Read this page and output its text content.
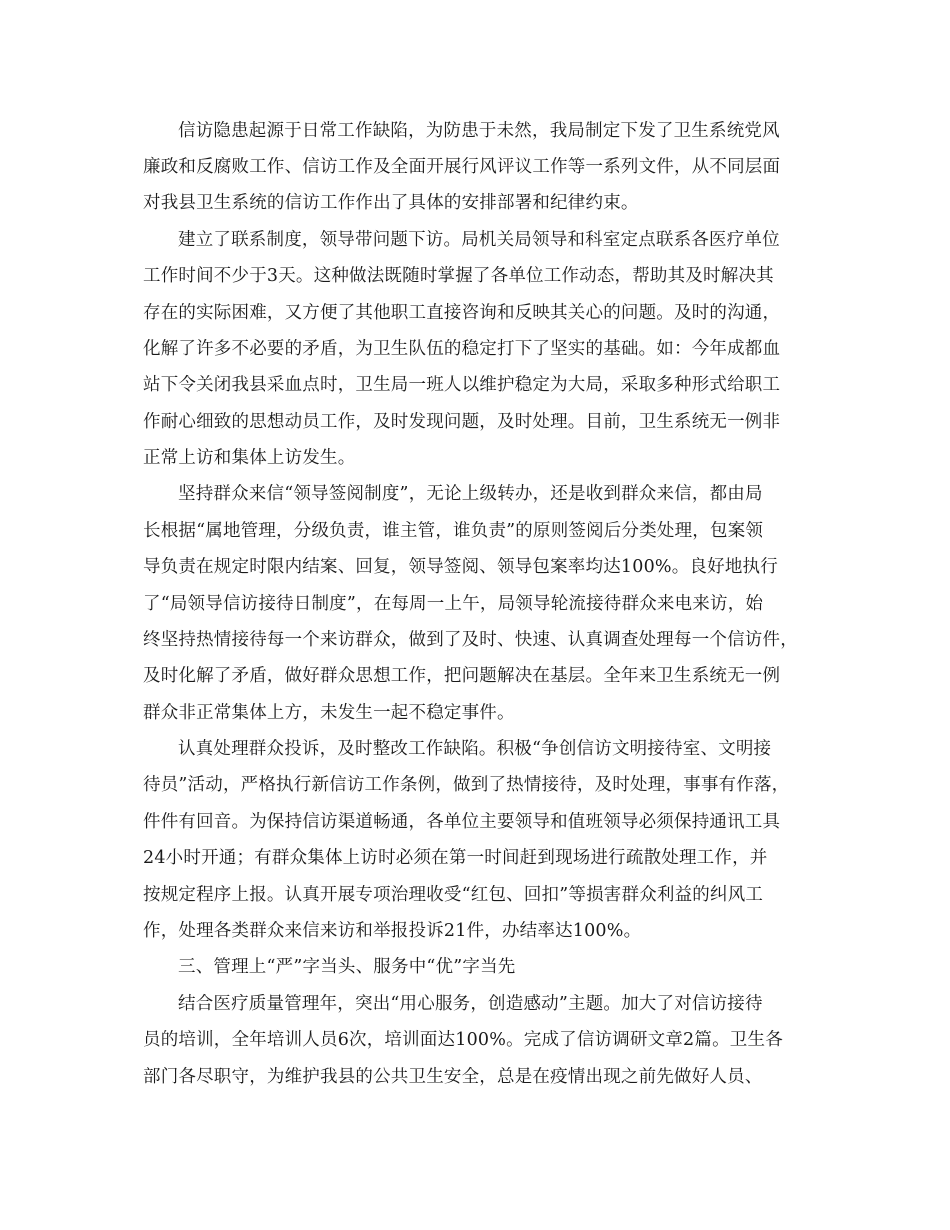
信访隐患起源于日常工作缺陷，为防患于未然，我局制定下发了卫生系统党风
廉政和反腐败工作、信访工作及全面开展行风评议工作等一系列文件，从不同层面
对我县卫生系统的信访工作作出了具体的安排部署和纪律约束。
建立了联系制度，领导带问题下访。局机关局领导和科室定点联系各医疗单位
工作时间不少于3天。这种做法既随时掌握了各单位工作动态，帮助其及时解决其
存在的实际困难，又方便了其他职工直接咨询和反映其关心的问题。及时的沟通，
化解了许多不必要的矛盾，为卫生队伍的稳定打下了坚实的基础。如：今年成都血
站下令关闭我县采血点时，卫生局一班人以维护稳定为大局，采取多种形式给职工
作耐心细致的思想动员工作，及时发现问题，及时处理。目前，卫生系统无一例非
正常上访和集体上访发生。
坚持群众来信“领导签阅制度”，无论上级转办，还是收到群众来信，都由局
长根据“属地管理，分级负责，谁主管，谁负责”的原则签阅后分类处理，包案领
导负责在规定时限内结案、回复，领导签阅、领导包案率均达100%。良好地执行
了“局领导信访接待日制度”，在每周一上午，局领导轮流接待群众来电来访，始
终坚持热情接待每一个来访群众，做到了及时、快速、认真调查处理每一个信访件，
及时化解了矛盾，做好群众思想工作，把问题解决在基层。全年来卫生系统无一例
群众非正常集体上方，未发生一起不稳定事件。
认真处理群众投诉，及时整改工作缺陷。积极“争创信访文明接待室、文明接
待员”活动，严格执行新信访工作条例，做到了热情接待，及时处理，事事有作落，
件件有回音。为保持信访渠道畅通，各单位主要领导和值班领导必须保持通讯工具
24小时开通；有群众集体上访时必须在第一时间赶到现场进行疏散处理工作，并
按规定程序上报。认真开展专项治理收受“红包、回扣”等损害群众利益的纠风工
作，处理各类群众来信来访和举报投诉21件，办结率达100%。
三、管理上“严”字当头、服务中“优”字当先
结合医疗质量管理年，突出“用心服务，创造感动”主题。加大了对信访接待
员的培训，全年培训人员6次，培训面达100%。完成了信访调研文章2篇。卫生各
部门各尽职守，为维护我县的公共卫生安全，总是在疫情出现之前先做好人员、
